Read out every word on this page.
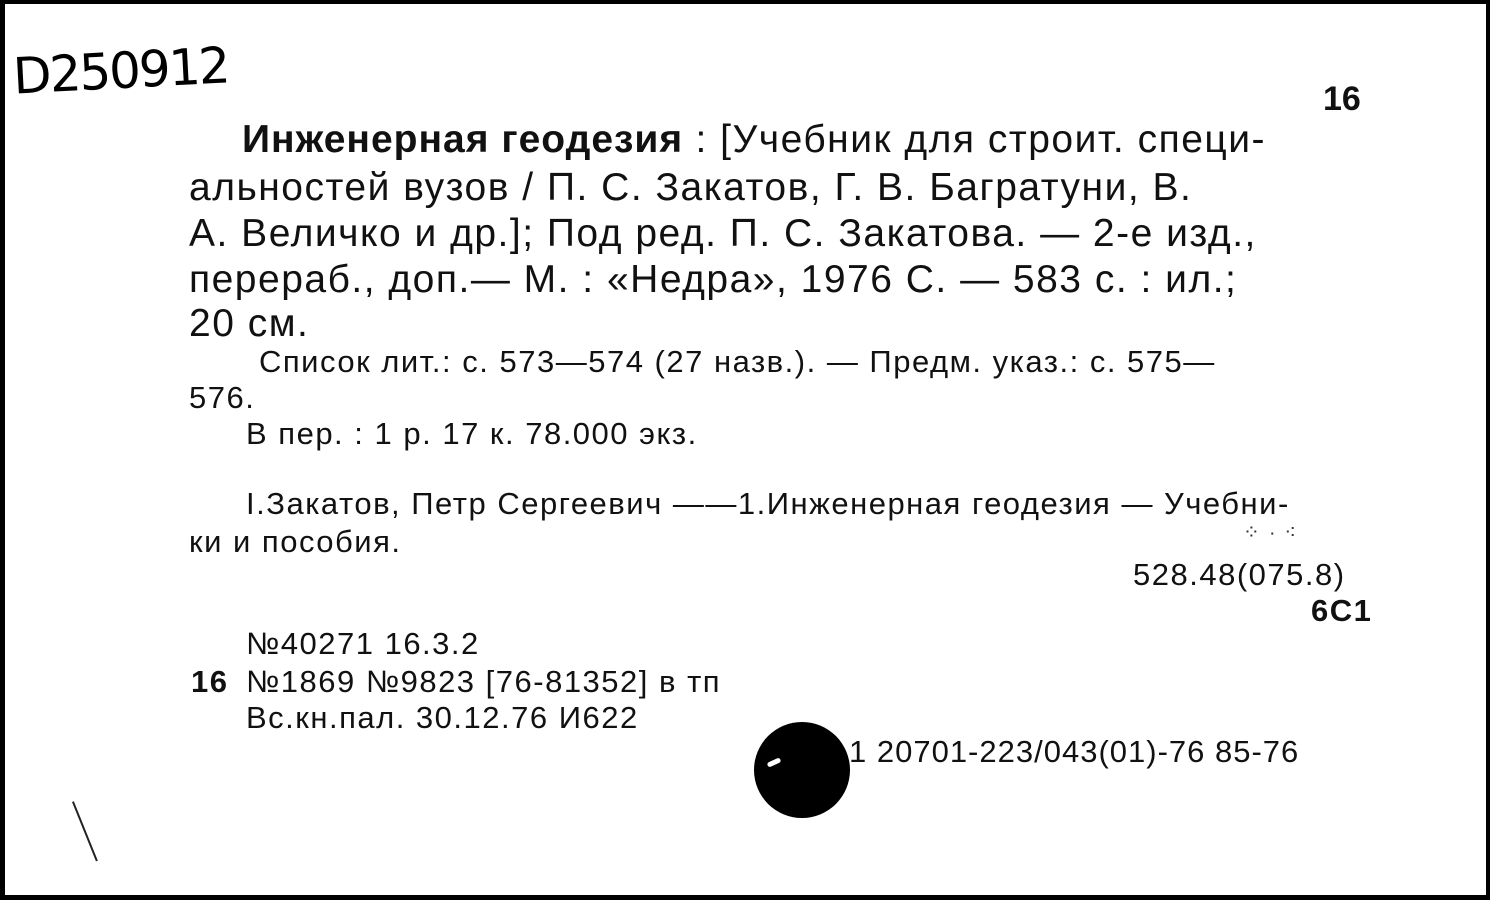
D250912	16
Инженерная геодезия : [Учебник для строит. специ-
альностей вузов / П. С. Закатов, Г. В. Багратуни, В.
А. Величко и др.]; Под ред. П. С. Закатова. — 2-е изд.,
перераб., доп.— М. : «Недра», 1976 С. — 583 с. : ил.;
20 см.
Список лит.: с. 573—574 (27 назв.). — Предм. указ.: с. 575—
576.
В пер. : 1 р. 17 к. 78.000 экз.
I.Закатов, Петр Сергеевич ——1.Инженерная геодезия — Учебни-
ки и пособия.	⁘ ∙ ⁖
528.48(075.8)
6С1
№40271 16.3.2
16 №1869 №9823 [76-81352] в тп
Вс.кн.пал. 30.12.76 И622
1 20701-223/043(01)-76 85-76
